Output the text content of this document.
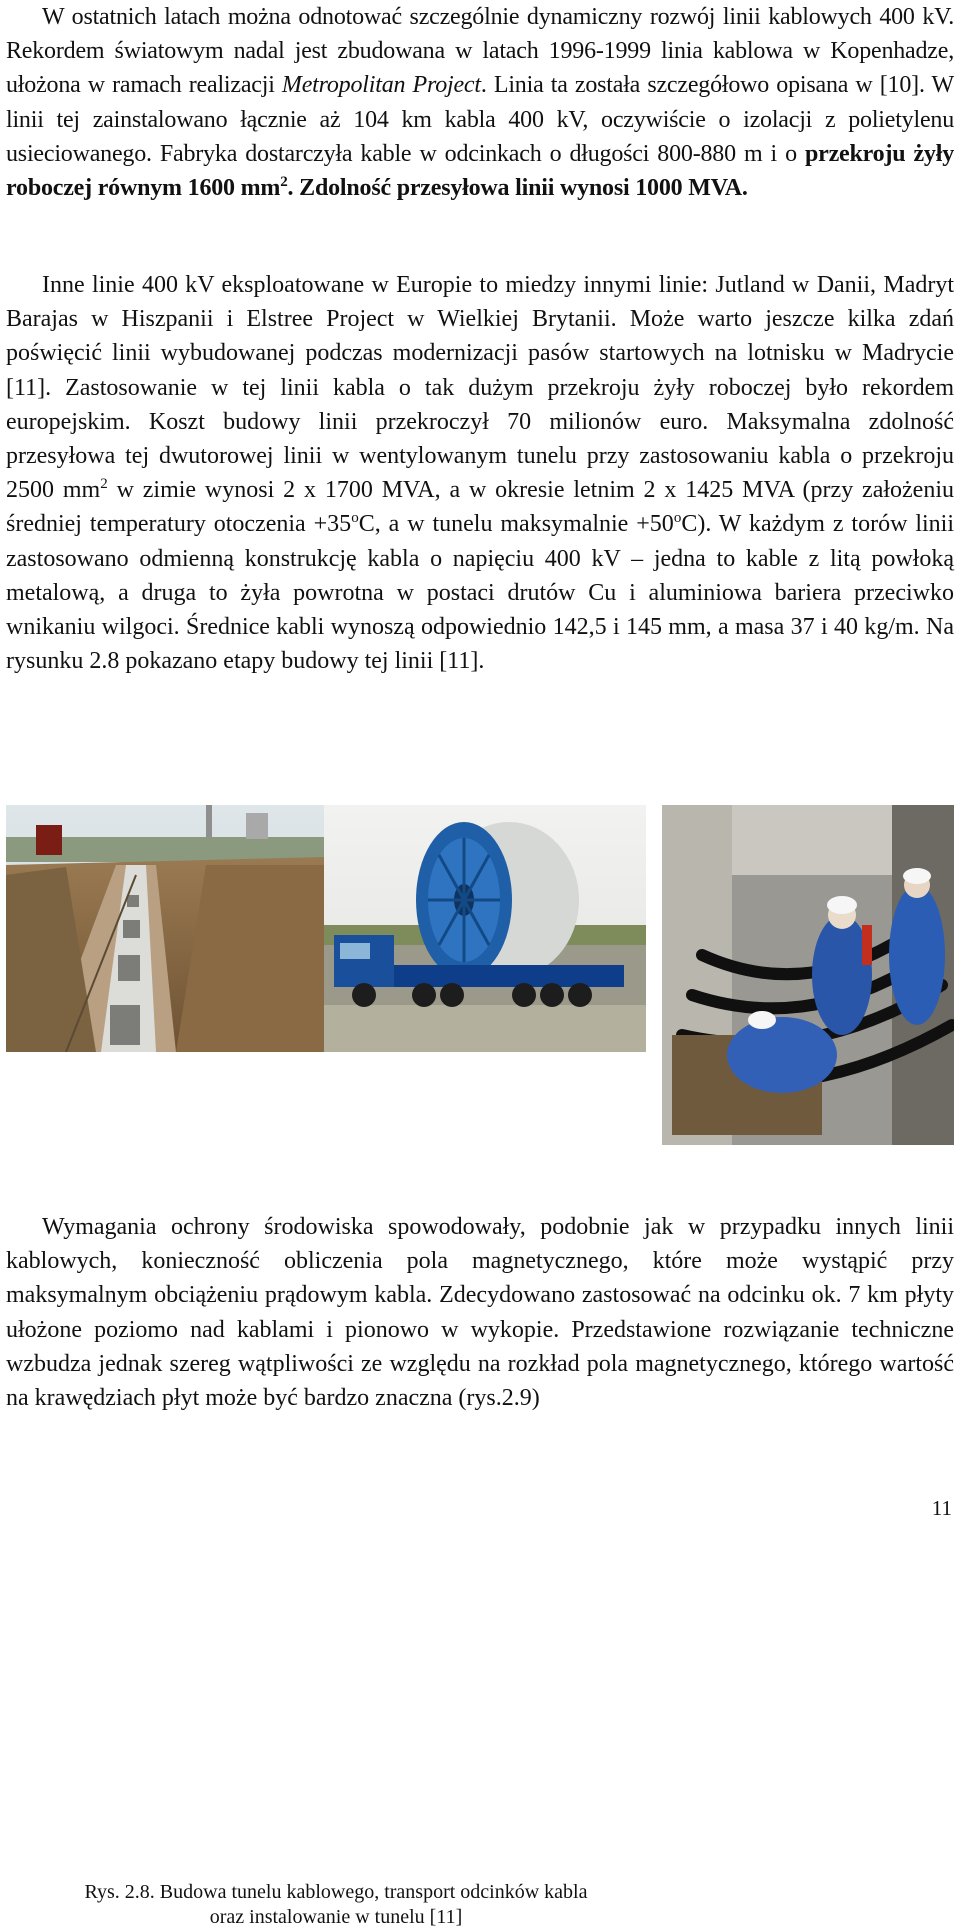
W ostatnich latach można odnotować szczególnie dynamiczny rozwój linii kablowych 400 kV. Rekordem światowym nadal jest zbudowana w latach 1996-1999 linia kablowa w Kopenhadze, ułożona w ramach realizacji Metropolitan Project. Linia ta została szczegółowo opisana w [10]. W linii tej zainstalowano łącznie aż 104 km kabla 400 kV, oczywiście o izolacji z polietylenu usieciowanego. Fabryka dostarczyła kable w odcinkach o długości 800-880 m i o przekroju żyły roboczej równym 1600 $mm^2$. Zdolność przesyłowa linii wynosi 1000 MVA.

Inne linie 400 kV eksploatowane w Europie to miedzy innymi linie: Jutland w Danii, Madryt Barajas w Hiszpanii i Elstree Project w Wielkiej Brytanii. Może warto jeszcze kilka zdań poświęcić linii wybudowanej podczas modernizacji pasów startowych na lotnisku w Madrycie [11]. Zastosowanie w tej linii kabla o tak dużym przekroju żyły roboczej było rekordem europejskim. Koszt budowy linii przekroczył 70 milionów euro. Maksymalna zdolność przesyłowa tej dwutorowej linii w wentylowanym tunelu przy zastosowaniu kabla o przekroju 2500 $mm^2$ w zimie wynosi 2 x 1700 MVA, a w okresie letnim 2 x 1425 MVA (przy założeniu średniej temperatury otoczenia $+35^oC$, a w tunelu maksymalnie $+50^oC$). W każdym z torów linii zastosowano odmienną konstrukcję kabla o napięciu 400 kV – jedna to kable z litą powłoką metalową, a druga to żyła powrotna w postaci drutów Cu i aluminiowa bariera przeciwko wnikaniu wilgoci. Średnice kabli wynoszą odpowiednio 142,5 i 145 mm, a masa 37 i 40 kg/m. Na rysunku 2.8 pokazano etapy budowy tej linii [11].

Rys. 2.8. Budowa tunelu kablowego, transport odcinków kabla
oraz instalowanie w tunelu [11]

Wymagania ochrony środowiska spowodowały, podobnie jak w przypadku innych linii kablowych, konieczność obliczenia pola magnetycznego, które może wystąpić przy maksymalnym obciążeniu prądowym kabla. Zdecydowano zastosować na odcinku ok. 7 km płyty ułożone poziomo nad kablami i pionowo w wykopie. Przedstawione rozwiązanie techniczne wzbudza jednak szereg wątpliwości ze względu na rozkład pola magnetycznego, którego wartość na krawędziach płyt może być bardzo znaczna (rys.2.9)

11
